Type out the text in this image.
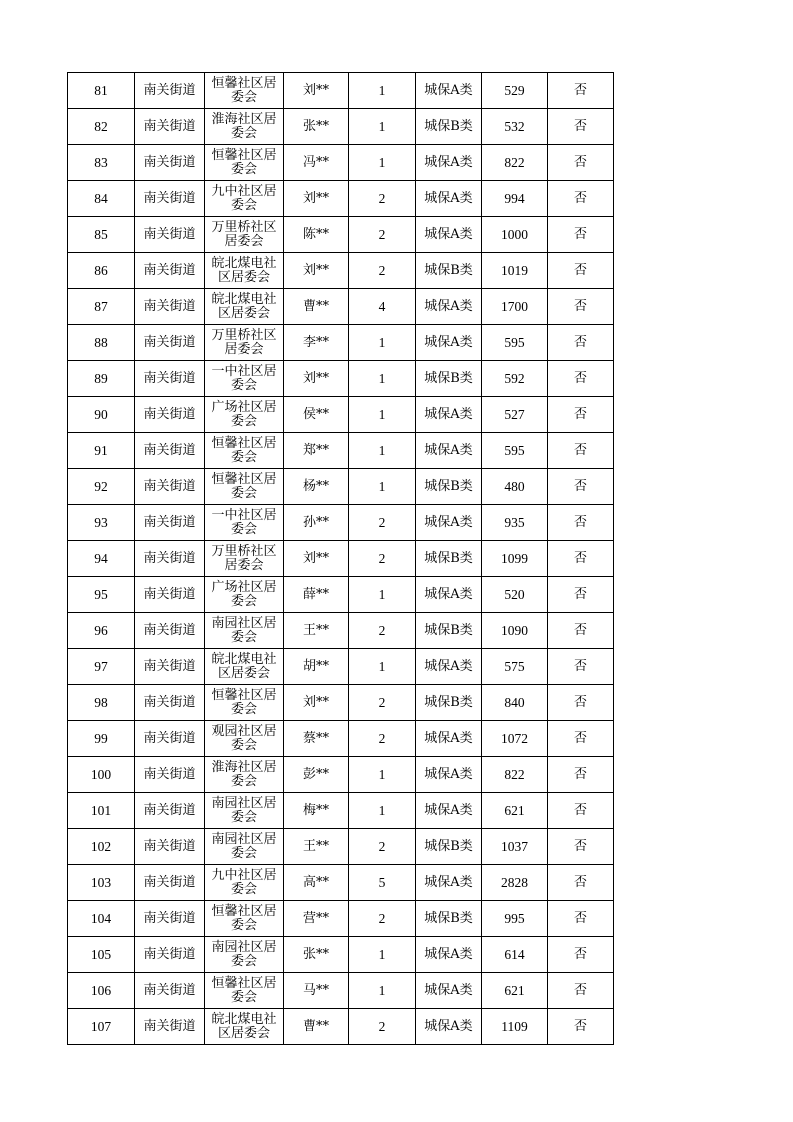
81	南关街道	恒馨社区居
委会	刘**	1	城保A类	529	否
82	南关街道	淮海社区居
委会	张**	1	城保B类	532	否
83	南关街道	恒馨社区居
委会	冯**	1	城保A类	822	否
84	南关街道	九中社区居
委会	刘**	2	城保A类	994	否
85	南关街道	万里桥社区
居委会	陈**	2	城保A类	1000	否
86	南关街道	皖北煤电社
区居委会	刘**	2	城保B类	1019	否
87	南关街道	皖北煤电社
区居委会	曹**	4	城保A类	1700	否
88	南关街道	万里桥社区
居委会	李**	1	城保A类	595	否
89	南关街道	一中社区居
委会	刘**	1	城保B类	592	否
90	南关街道	广场社区居
委会	侯**	1	城保A类	527	否
91	南关街道	恒馨社区居
委会	郑**	1	城保A类	595	否
92	南关街道	恒馨社区居
委会	杨**	1	城保B类	480	否
93	南关街道	一中社区居
委会	孙**	2	城保A类	935	否
94	南关街道	万里桥社区
居委会	刘**	2	城保B类	1099	否
95	南关街道	广场社区居
委会	薛**	1	城保A类	520	否
96	南关街道	南园社区居
委会	王**	2	城保B类	1090	否
97	南关街道	皖北煤电社
区居委会	胡**	1	城保A类	575	否
98	南关街道	恒馨社区居
委会	刘**	2	城保B类	840	否
99	南关街道	观园社区居
委会	蔡**	2	城保A类	1072	否
100	南关街道	淮海社区居
委会	彭**	1	城保A类	822	否
101	南关街道	南园社区居
委会	梅**	1	城保A类	621	否
102	南关街道	南园社区居
委会	王**	2	城保B类	1037	否
103	南关街道	九中社区居
委会	高**	5	城保A类	2828	否
104	南关街道	恒馨社区居
委会	营**	2	城保B类	995	否
105	南关街道	南园社区居
委会	张**	1	城保A类	614	否
106	南关街道	恒馨社区居
委会	马**	1	城保A类	621	否
107	南关街道	皖北煤电社
区居委会	曹**	2	城保A类	1109	否
